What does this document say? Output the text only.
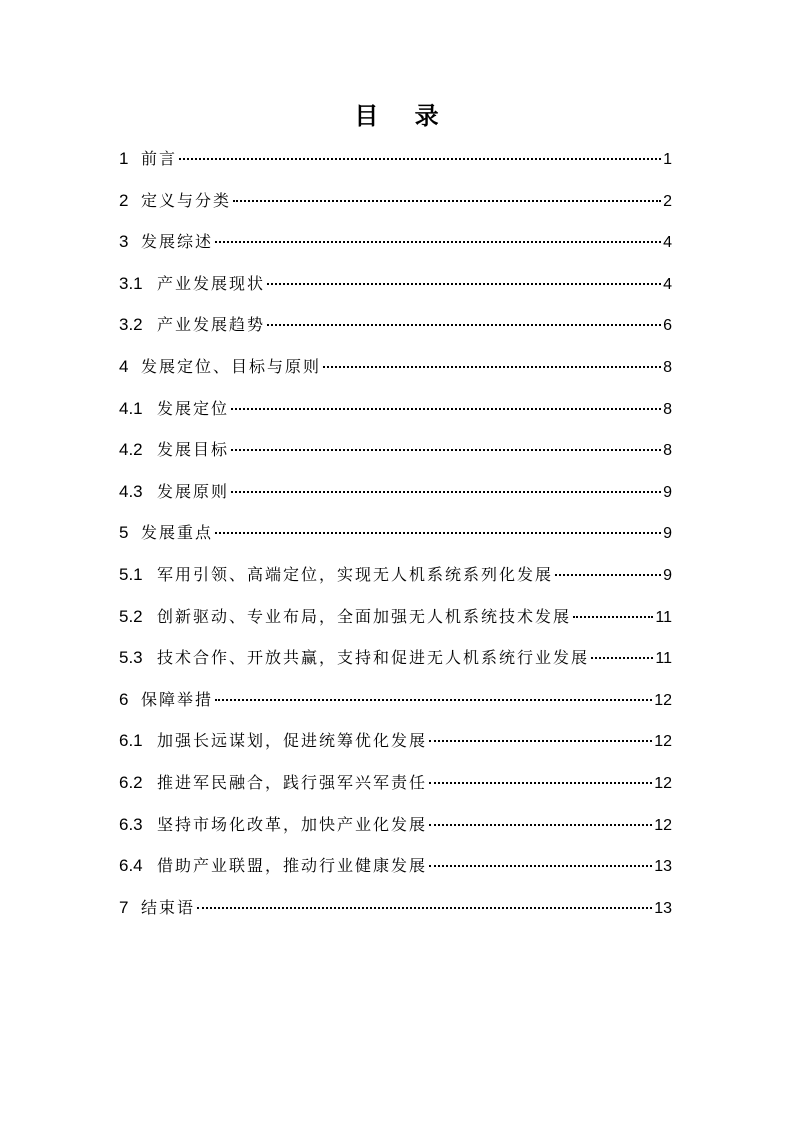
目 录
1 前言	1
2 定义与分类	2
3 发展综述	4
3.1 产业发展现状	4
3.2 产业发展趋势	6
4 发展定位、目标与原则	8
4.1 发展定位	8
4.2 发展目标	8
4.3 发展原则	9
5 发展重点	9
5.1 军用引领、高端定位，实现无人机系统系列化发展	9
5.2 创新驱动、专业布局，全面加强无人机系统技术发展	11
5.3 技术合作、开放共赢，支持和促进无人机系统行业发展	11
6 保障举措	12
6.1 加强长远谋划，促进统筹优化发展	12
6.2 推进军民融合，践行强军兴军责任	12
6.3 坚持市场化改革，加快产业化发展	12
6.4 借助产业联盟，推动行业健康发展	13
7 结束语	13
